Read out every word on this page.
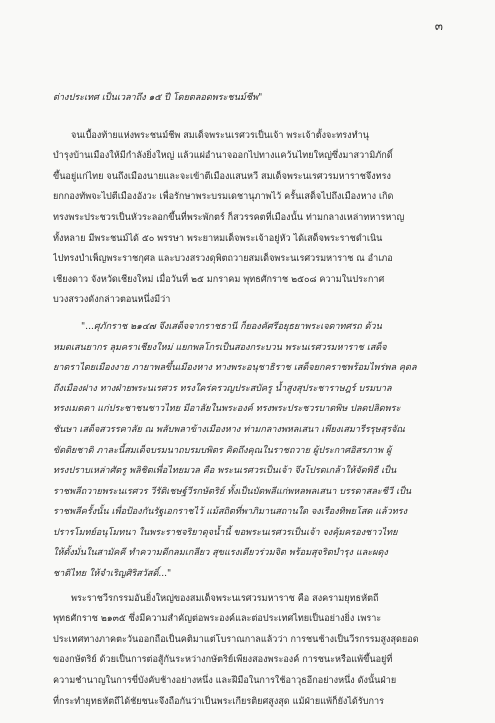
๓
ต่างประเทศ เป็นเวลาถึง ๑๕ ปี โดยตลอดพระชนม์ชีพ"
จนเบื้องท้ายแห่งพระชนม์ชีพ สมเด็จพระนเรศวรเป็นเจ้า พระเจ้าตั้งจะทรงทำนุ
บำรุงบ้านเมืองให้มีกำลังยิ่งใหญ่ แล้วแผ่อำนาจออกไปทางแคว้นไทยใหญ่ซึ่งมาสวามิภักดิ์
ขึ้นอยู่แก่ไทย จนถึงเมืองนายและจะเข้าตีเมืองแสนหวี สมเด็จพระนเรศวรมหาราชจึงทรง
ยกกองทัพจะไปตีเมืองอังวะ เพื่อรักษาพระบรมเดชานุภาพไว้ ครั้นเสด็จไปถึงเมืองหาง เกิด
ทรงพระประชวรเป็นหัวระลอกขึ้นที่พระพักตร์ ก็สวรรคตที่เมืองนั้น ท่ามกลางเหล่าทหารหาญ
ทั้งหลาย มีพระชนม์ได้ ๕๐ พรรษา พระยาหมเด็จพระเจ้าอยู่หัว ได้เสด็จพระราชดำเนิน
ไปทรงบำเพ็ญพระราชกุศล และบวงสรวงดุพิตถวายสมเด็จพระนเรศวรมหาราช ณ อำเภอ
เชียงดาว จังหวัดเชียงใหม่ เมื่อวันที่ ๒๕ มกราคม พุทธศักราช ๒๕๐๘ ความในประกาศ
บวงสรวงดังกล่าวตอนหนึ่งมีว่า
"...ศุภักราช ๒๑๔๗ จึงเสด็จจากราชธานี ก็ยองคัศรีอยุธยาพระเจตาทศรถ ด้วน
หมดเสนยากร ลุมคราเชียงใหม่ แยกพลโกรเป็นสองกระบวน พระนเรศวรมหาราช เสด็จ
ยาตราไตยเมืองงาย ภายาพลขึ้นเมืองหาง ทางพระอนุชาธิราช เสด็จยกคราชพร้อมไพร่พล คุดล
ถึงเมืองฝาง ทางฝ่ายพระนเรศวร ทรงใคร่ครวญประสบัครู น้ำสูงสุประชาราษฎร์ บรมบาล
ทรงเมตตา แก่ประชาชนชาวไทย มีอาลัยในพระองค์ ทรงพระประชวรบาดพิษ ปลดปลิดพระ
ชันษา เสด็จสวรรคาลัย ณ พลับพลาข้างเมืองหาง ท่ามกลางพหลเสนา เพียงเสมารีรรุษสุรจัณ
ขัดติยชาติ ภาละนี้สมเด็จบรมนาถบรมบพิตร คิดถึงคุณในราชถวาย ผู้ประกาศอิสรภาพ ผู้
ทรงปราบเหล่าศัตรู พลิชิตเพื่อไทยมวล คือ พระนเรศวรเป็นเจ้า จึงโปรดเกล้าให้จัดพิธี เป็น
ราชพลีถวายพระนเรศวร วีรัติเชษฐ์วีรกษัตริย์ ทั้งเป็นบัดพลีแก่พหลพลเสนา บรรดาสละชีวี เป็น
ราชพลีครั้งนั้น เพื่อป้องกันรัฐเอกราชไว้ แม้สถิตที่พาภิมานสถานใด จงเรืองทิพยโสต แล้วทรง
ปรารโมทย์อนุโมทนา ในพระราชจริยาดุจน้ำนี้ ขอพระนเรศวรเป็นเจ้า จงคุ้มครองชาวไทย
ให้ตั้งมั่นในสามัคคี ทำความดีกลมเกลียว สุขแรงเดียวร่วมจิต พร้อมสุจริตบำรุง และผดุง
ชาติไทย ให้จำเริญศิริสวัสดิ์..."
พระราชวีรกรรมอันยิ่งใหญ่ของสมเด็จพระนเรศวรมหาราช คือ สงครามยุทธหัตถี
พุทธศักราช ๒๑๓๕ ซึ่งมีความสำคัญต่อพระองค์และต่อประเทศไทยเป็นอย่างยิ่ง เพราะ
ประเทศทางภาคตะวันออกถือเป็นคติมาแต่โบราณกาลแล้วว่า การชนช้างเป็นวีรกรรมสูงสุดยอด
ของกษัตริย์ ด้วยเป็นการต่อสู้กันระหว่างกษัตริย์เพียงสองพระองค์ การชนะหรือแพ้ขึ้นอยู่ที่
ความชำนาญในการขี่บังคับช้างอย่างหนึ่ง และฝีมือในการใช้อาวุธอีกอย่างหนึ่ง ดังนั้นฝ่าย
ที่กระทำยุทธหัตถีได้ชัยชนะจึงถือกันว่าเป็นพระเกียรติยศสูงสุด แม้ฝ่ายแพ้ก็ยังได้รับการ
